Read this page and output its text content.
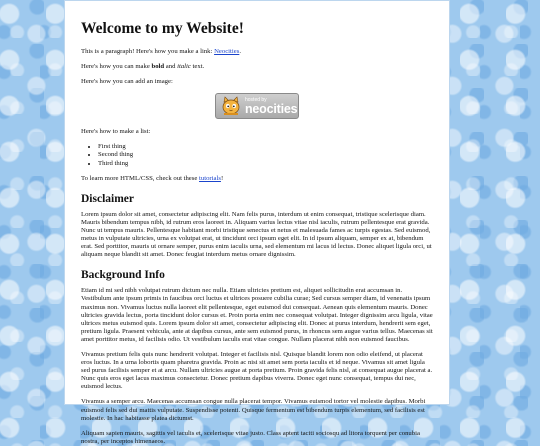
Welcome to my Website!

This is a paragraph! Here's how you make a link: Neocities.

Here's how you can make bold and italic text.

Here's how you can add an image:

hosted by
neocities

Here's how to make a list:

• First thing
• Second thing
• Third thing

To learn more HTML/CSS, check out these tutorials!

Disclaimer

Lorem ipsum dolor sit amet, consectetur adipiscing elit. Nam felis purus, interdum ut enim consequat, tristique scelerisque diam. Mauris bibendum tempus nibh, id rutrum eros laoreet in. Aliquam varius lectus vitae nisl iaculis, rutrum pellentesque erat gravida. Nunc ut tempus mauris. Pellentesque habitant morbi tristique senectus et netus et malesuada fames ac turpis egestas. Sed euismod, metus in vulputate ultricies, urna ex volutpat erat, ut tincidunt orci ipsum eget elit. In id ipsum aliquam, semper ex at, bibendum erat. Sed porttitor, mauris ut ornare semper, purus enim iaculis urna, sed elementum mi lacus id lectus. Donec aliquet ligula orci, ut aliquam neque blandit sit amet. Donec feugiat interdum metus ornare dignissim.

Background Info

Etiam id mi sed nibh volutpat rutrum dictum nec nulla. Etiam ultricies pretium est, aliquet sollicitudin erat accumsan in. Vestibulum ante ipsum primis in faucibus orci luctus et ultrices posuere cubilia curae; Sed cursus semper diam, id venenatis ipsum maximus non. Vivamus luctus nulla laoreet elit pellentesque, eget euismod dui consequat. Aenean quis elementum mauris. Donec ultricies gravida lectus, porta tincidunt dolor cursus et. Proin porta enim nec consequat volutpat. Integer dignissim arcu ligula, vitae ultrices metus euismod quis. Lorem ipsum dolor sit amet, consectetur adipiscing elit. Donec at purus interdum, hendrerit sem eget, pretium ligula. Praesent vehicula, ante at dapibus cursus, ante sem euismod purus, in rhoncus sem augue varius tellus. Maecenas sit amet porttitor metus, id facilisis odio. Ut vestibulum iaculis erat vitae congue. Nullam placerat nibh non euismod faucibus.

Vivamus pretium felis quis nunc hendrerit volutpat. Integer et facilisis nisl. Quisque blandit lorem non odio eleifend, ut placerat eros luctus. In a urna lobortis quam pharetra gravida. Proin ac nisi sit amet sem porta iaculis et id neque. Vivamus sit amet ligula sed purus facilisis semper et at arcu. Nullam ultricies augue at porta pretium. Proin gravida felis nisl, at consequat augue placerat a. Nunc quis eros eget lacus maximus consectetur. Donec pretium dapibus viverra. Donec eget nunc consequat, tempus dui nec, euismod lectus.

Vivamus a semper arcu. Maecenas accumsan congue nulla placerat tempor. Vivamus euismod tortor vel molestie dapibus. Morbi euismod felis sed dui mattis vulputate. Suspendisse potenti. Quisque fermentum est bibendum turpis elementum, sed facilisis est molestie. In hac habitasse platea dictumst.

Aliquam sapien mauris, sagittis vel iaculis et, scelerisque vitae justo. Class aptent taciti sociosqu ad litora torquent per conubia nostra, per inceptos himenaeos.
